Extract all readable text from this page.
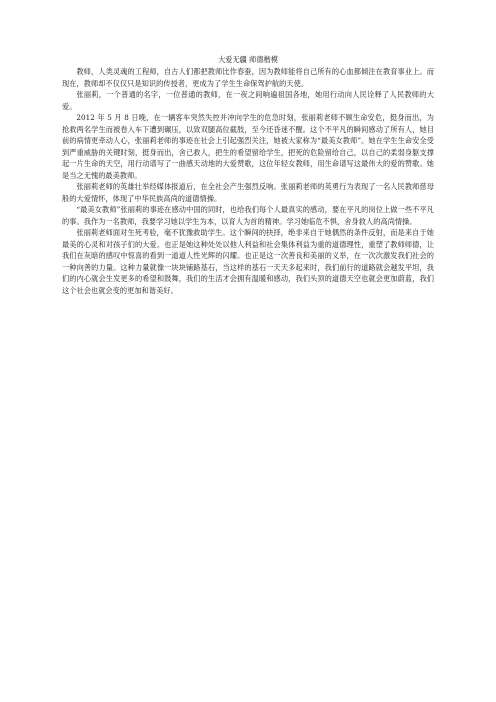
大爱无疆 师德楷模

教师，人类灵魂的工程师，自古人们都把教师比作春蚕，因为教师能将自己所有的心血都倾注在教育事业上。而现在，教师却不仅仅只是知识的传授者，更成为了学生生命保驾护航的天使。

张丽莉，一个普通的名字，一位普通的教师，在一夜之间响遍祖国各地，她用行动向人民诠释了人民教师的大爱。

2012 年 5 月 8 日晚，在一辆客车突然失控并冲向学生的危急时刻，张丽莉老师不顾生命安危，挺身而出，为抢救两名学生而被卷入车下遭到碾压，以致双腿高位截肢，至今还昏迷不醒。这个不平凡的瞬间感动了所有人，她目前的病情更牵动人心，张丽莉老师的事迹在社会上引起强烈关注，她被大家称为“最美女教师”。她在学生生命安全受到严重威胁的关键时刻，挺身而出，舍己救人，把生的希望留给学生，把死的危险留给自己，以自己的柔弱身躯支撑起一片生命的天空，用行动谱写了一曲感天动地的大爱赞歌，这位年轻女教师，用生命谱写这最伟大的爱的赞歌。她是当之无愧的最美教师。

张丽莉老师的英雄壮举经媒体报道后，在全社会产生强烈反响。张丽莉老师的英勇行为表现了一名人民教师慈母般的大爱情怀，体现了中华民族高尚的道德情操。

“最美女教师”张丽莉的事迹在感动中国的同时，也给我们每个人最真实的感动，要在平凡的岗位上做一些不平凡的事。我作为一名教师，我要学习她以学生为本，以育人为首的精神。学习她临危不惧，舍身救人的高尚情操。

张丽莉老师面对生死考验，毫不犹豫救助学生。这个瞬间的抉择，绝非来自于她偶然的条件反射，而是来自于她最美的心灵和对孩子们的大爱。也正是她这种处处以他人利益和社会集体利益为重的道德理性，重塑了教师师德，让我们在灰暗的感叹中惊喜的看到一道道人性光辉的闪耀。也正是这一次善良和美丽的义举，在一次次激发我们社会的一种向善的力量。这种力量就像一块块铺路基石，当这样的基石一天天多起来时，我们前行的道路就会越发平坦，我们的内心就会生发更多的希望和鼓舞，我们的生活才会拥有温暖和感动，我们头顶的道德天空也就会更加蔚蓝，我们这个社会也就会变的更加和谐美好。
